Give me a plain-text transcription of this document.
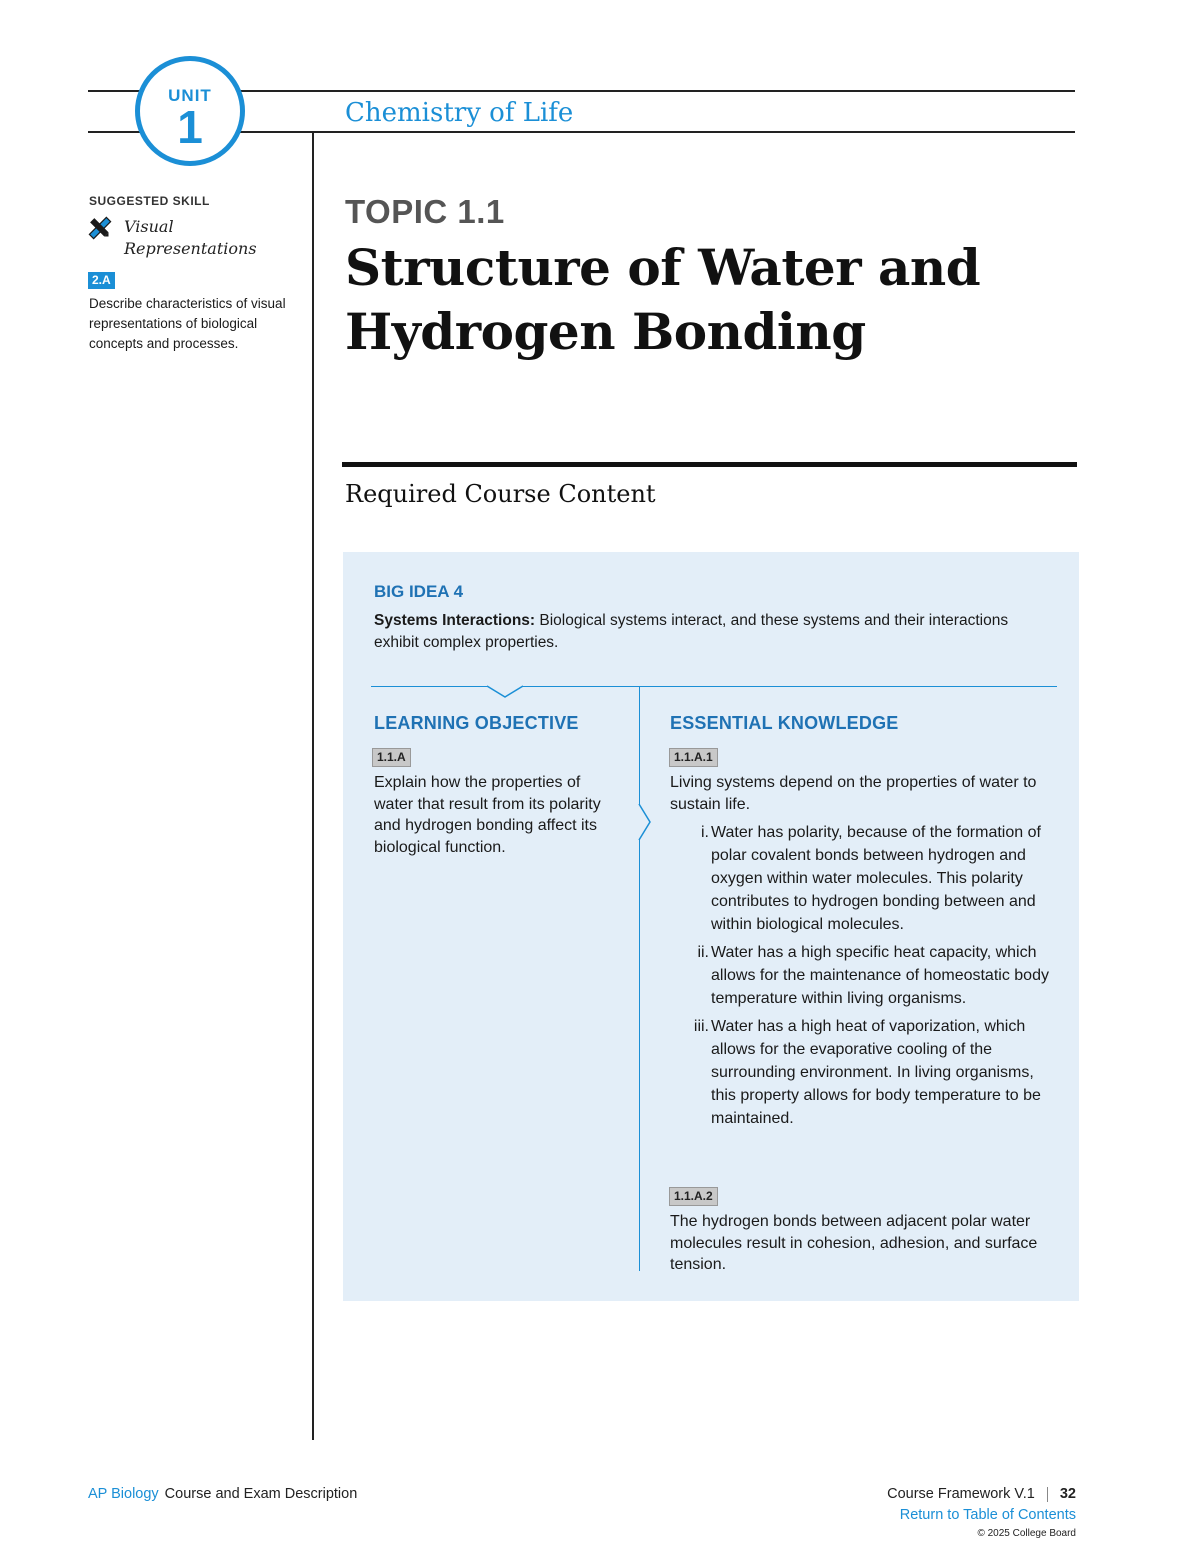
UNIT
1	Chemistry of Life
SUGGESTED SKILL
Visual Representations
2.A
Describe characteristics of visual representations of biological concepts and processes.
TOPIC 1.1
Structure of Water and
Hydrogen Bonding
Required Course Content
BIG IDEA 4
Systems Interactions: Biological systems interact, and these systems and their interactions exhibit complex properties.
LEARNING OBJECTIVE
1.1.A
Explain how the properties of water that result from its polarity and hydrogen bonding affect its biological function.
ESSENTIAL KNOWLEDGE
1.1.A.1
Living systems depend on the properties of water to sustain life.
i. Water has polarity, because of the formation of polar covalent bonds between hydrogen and oxygen within water molecules. This polarity contributes to hydrogen bonding between and within biological molecules.
ii. Water has a high specific heat capacity, which allows for the maintenance of homeostatic body temperature within living organisms.
iii. Water has a high heat of vaporization, which allows for the evaporative cooling of the surrounding environment. In living organisms, this property allows for body temperature to be maintained.
1.1.A.2
The hydrogen bonds between adjacent polar water molecules result in cohesion, adhesion, and surface tension.
AP Biology Course and Exam Description	Course Framework V.1 32
Return to Table of Contents
© 2025 College Board
